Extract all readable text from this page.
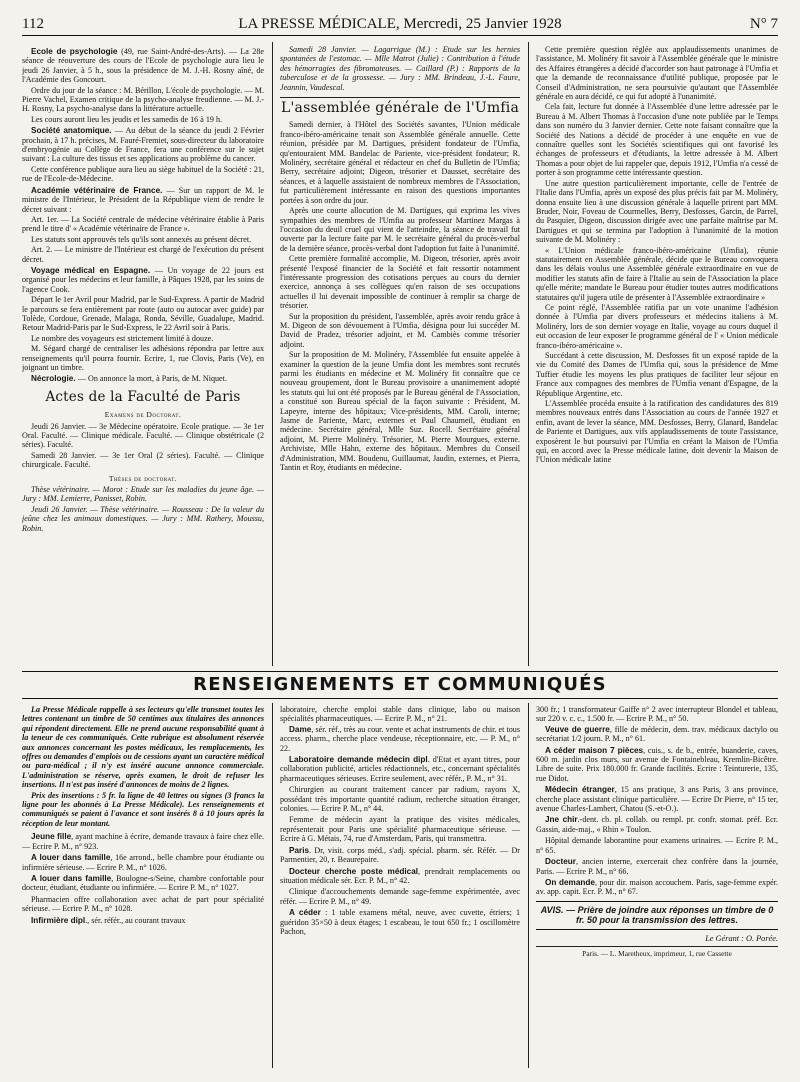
112	LA PRESSE MÉDICALE, Mercredi, 25 Janvier 1928	N° 7

Ecole de psychologie (49, rue Saint-André-des-Arts). — La 28e séance de réouverture des cours de l'Ecole de psychologie aura lieu le jeudi 26 Janvier, à 5 h., sous la présidence de M. J.-H. Rosny aîné, de l'Académie des Goncourt.

Ordre du jour de la séance : M. Bérillon, L'école de psychologie. — M. Pierre Vachel, Examen critique de la psycho-analyse freudienne. — M. J.-H. Rosny, La psycho-analyse dans la littérature actuelle.

Les cours auront lieu les jeudis et les samedis de 16 à 19 h.

Société anatomique. — Au début de la séance du jeudi 2 Février prochain, à 17 h. précises, M. Fauré-Fremiet, sous-directeur du laboratoire d'embryogénie au Collège de France, fera une conférence sur le sujet suivant : La culture des tissus et ses applications au problème du cancer.

Cette conférence publique aura lieu au siège habituel de la Société : 21, rue de l'Ecole-de-Médecine.

Académie vétérinaire de France. — Sur un rapport de M. le ministre de l'Intérieur, le Président de la République vient de rendre le décret suivant :

Art. 1er. — La Société centrale de médecine vétérinaire établie à Paris prend le titre d' « Académie vétérinaire de France ».

Les statuts sont approuvés tels qu'ils sont annexés au présent décret.

Art. 2. — Le ministre de l'Intérieur est chargé de l'exécution du présent décret.

Voyage médical en Espagne. — Un voyage de 22 jours est organisé pour les médecins et leur famille, à Pâques 1928, par les soins de l'agence Cook.

Départ le 1er Avril pour Madrid, par le Sud-Express. A partir de Madrid le parcours se fera entièrement par route (auto ou autocar avec guide) par Tolède, Cordoue, Grenade, Malaga, Ronda, Séville, Guadalupe, Madrid. Retour Madrid-Paris par le Sud-Express, le 22 Avril soir à Paris.

Le nombre des voyageurs est strictement limité à douze.

M. Ségard chargé de centraliser les adhésions répondra par lettre aux renseignements qu'il pourra fournir. Ecrire, 1, rue Clovis, Paris (Ve), en joignant un timbre.

Nécrologie. — On annonce la mort, à Paris, de M. Niquet.

Actes de la Faculté de Paris
Examens de Doctorat.

Jeudi 26 Janvier. — 3e Médecine opératoire. Ecole pratique. — 3e 1er Oral. Faculté. — Clinique médicale. Faculté. — Clinique obstétricale (2 séries). Faculté.

Samedi 28 Janvier. — 3e 1er Oral (2 séries). Faculté. — Clinique chirurgicale. Faculté.

Thèses de doctorat.

Thèse vétérinaire. — Morot : Etude sur les maladies du jeune âge. — Jury : MM. Lemierre, Panisset, Robin.

Jeudi 26 Janvier. — Thèse vétérinaire. — Rousseau : De la valeur du jeûne chez les animaux domestiques. — Jury : MM. Rathery, Moussu, Robin.

Samedi 28 Janvier. — Lagarrigue (M.) : Etude sur les hernies spontanées de l'estomac. — Mlle Matrot (Julie) : Contribution à l'étude des hémorragies des fibromateuses. — Caillard (P.) : Rapports de la tuberculose et de la grossesse. — Jury : MM. Brindeau, J.-L. Faure, Jeannin, Vaudescal.

L'assemblée générale de l'Umfia

Samedi dernier, à l'Hôtel des Sociétés savantes, l'Union médicale franco-ibéro-américaine tenait son Assemblée générale annuelle. Cette réunion, présidée par M. Dartigues, président fondateur de l'Umfia, qu'entouraient MM. Bandelac de Pariente, vice-président fondateur; R. Molinéry, secrétaire général et rédacteur en chef du Bulletin de l'Umfia; Berry, secrétaire adjoint; Digeon, trésorier et Dausset, secrétaire des séances, et à laquelle assistaient de nombreux membres de l'Association, fut particulièrement intéressante en raison des questions importantes portées à son ordre du jour.

Après une courte allocution de M. Dartigues, qui exprima les vives sympathies des membres de l'Umfia au professeur Martinez Margas à l'occasion du deuil cruel qui vient de l'atteindre, la séance de travail fut ouverte par la lecture faite par M. le secrétaire général du procès-verbal de la dernière séance, procès-verbal dont l'adoption fut faite à l'unanimité.

Cette première formalité accomplie, M. Digeon, trésorier, après avoir présenté l'exposé financier de la Société et fait ressortir notamment l'intéressante progression des cotisations perçues au cours du dernier exercice, annonça à ses collègues qu'en raison de ses occupations actuelles il lui devenait impossible de continuer à remplir sa charge de trésorier.

Sur la proposition du président, l'assemblée, après avoir rendu grâce à M. Digeon de son dévouement à l'Umfia, désigna pour lui succéder M. David de Pradez, trésorier adjoint, et M. Cambiès comme trésorier adjoint.

Sur la proposition de M. Molinéry, l'Assemblée fut ensuite appelée à examiner la question de la jeune Umfia dont les membres sont recrutés parmi les étudiants en médecine et M. Molinéry fit connaître que ce nouveau groupement, dont le Bureau provisoire a unanimement adopté les statuts qui lui ont été proposés par le Bureau général de l'Association, a constitué son Bureau spécial de la façon suivante : Président, M. Lapeyre, interne des hôpitaux; Vice-présidents, MM. Caroli, interne; Jasme de Pariente, Marc, externes et Paul Chaumeil, étudiant en médecine. Secrétaire général, Mlle Suz. Rocell. Secrétaire général adjoint, M. Pierre Molinéry. Trésorier, M. Pierre Mourgues, externe. Archiviste, Mlle Hahn, externe des hôpitaux. Membres du Conseil d'Administration, MM. Boudenu, Guillaumat, Jaudin, externes, et Pierra, Tantin et Roy, étudiants en médecine.

Cette première question réglée aux applaudissements unanimes de l'assistance, M. Molinéry fit savoir à l'Assemblée générale que le ministre des Affaires étrangères a décidé d'accorder son haut patronage à l'Umfia et que la demande de reconnaissance d'utilité publique, proposée par le Conseil d'Administration, ne sera poursuivie qu'autant que l'Assemblée générale en aura décidé, ce qui fut adopté à l'unanimité.

Cela fait, lecture fut donnée à l'Assemblée d'une lettre adressée par le Bureau à M. Albert Thomas à l'occasion d'une note publiée par le Temps dans son numéro du 3 Janvier dernier. Cette note faisant connaître que la Société des Nations a décidé de procéder à une enquête en vue de connaître quelles sont les Sociétés scientifiques qui ont favorisé les échanges de professeurs et d'étudiants, la lettre adressée à M. Albert Thomas a pour objet de lui rappeler que, depuis 1912, l'Umfia n'a cessé de porter à son programme cette intéressante question.

Une autre question particulièrement importante, celle de l'entrée de l'Italie dans l'Umfia, après un exposé des plus précis fait par M. Molinéry, donna ensuite lieu à une discussion générale à laquelle prirent part MM. Bruder, Noir, Foveau de Courmelles, Berry, Desfosses, Garcin, de Parrel, du Pasquier, Digeon, discussion dirigée avec une parfaite maîtrise par M. Dartigues et qui se termina par l'adoption à l'unanimité de la motion suivante de M. Molinéry :

« L'Union médicale franco-ibéro-américaine (Umfia), réunie statutairement en Assemblée générale, décide que le Bureau convoquera dans les délais voulus une Assemblée générale extraordinaire en vue de modifier les statuts afin de faire à l'Italie au sein de l'Association la place qu'elle mérite; mandate le Bureau pour étudier toutes autres modifications statutaires qu'il jugera utile de présenter à l'Assemblée extraordinaire »

Ce point réglé, l'Assemblée ratifia par un vote unanime l'adhésion donnée à l'Umfia par divers professeurs et médecins italiens à M. Molinéry, lors de son dernier voyage en Italie, voyage au cours duquel il eut occasion de leur exposer le programme général de l' « Union médicale franco-ibéro-américaine ».

Succédant à cette discussion, M. Desfosses fit un exposé rapide de la vie du Comité des Dames de l'Umfia qui, sous la présidence de Mme Tuffier étudie les moyens les plus pratiques de faciliter leur séjour en France aux compagnes des membres de l'Umfia venant d'Espagne, de la République Argentine, etc.

L'Assemblée procéda ensuite à la ratification des candidatures des 819 membres nouveaux entrés dans l'Association au cours de l'année 1927 et enfin, avant de lever la séance, MM. Desfosses, Berry, Glanard, Bandelac de Pariente et Dartigues, aux vifs applaudissements de toute l'assistance, exposèrent le but poursuivi par l'Umfia en créant la Maison de l'Umfia qui, en accord avec la Presse médicale latine, doit devenir la Maison de l'Union médicale latine

RENSEIGNEMENTS ET COMMUNIQUÉS

La Presse Médicale rappelle à ses lecteurs qu'elle transmet toutes les lettres contenant un timbre de 50 centimes aux titulaires des annonces qui répondent directement. Elle ne prend aucune responsabilité quant à la teneur de ces communiqués. Cette rubrique est absolument réservée aux annonces concernant les postes médicaux, les remplacements, les offres ou demandes d'emplois ou de cessions ayant un caractère médical ou para-médical ; il n'y est inséré aucune annonce commerciale. L'administration se réserve, après examen, le droit de refuser les insertions. Il n'est pas inséré d'annonces de moins de 2 lignes.

Prix des insertions : 5 fr. la ligne de 40 lettres ou signes (3 francs la ligne pour les abonnés à La Presse Médicale). Les renseignements et communiqués se paient à l'avance et sont insérés 8 à 10 jours après la réception de leur montant.

Jeune fille, ayant machine à écrire, demande travaux à faire chez elle. — Ecrire P. M., n° 923.

A louer dans famille, 16e arrond., belle chambre pour étudiante ou infirmière sérieuse. — Ecrire P. M., n° 1026.

A louer dans famille, Boulogne-s/Seine, chambre confortable pour docteur, étudiant, étudiante ou infirmière. — Ecrire P. M., n° 1027.

Pharmacien offre collaboration avec achat de part pour spécialité sérieuse. — Ecrire P. M., n° 1028.

Infirmière dipl., sér. référ., au courant travaux

laboratoire, cherche emploi stable dans clinique, labo ou maison spécialités pharmaceutiques. — Ecrire P. M., n° 21.

Dame, sér. réf., très au cour. vente et achat instruments de chir. et tous access. pharm., cherche place vendeuse, réceptionnaire, etc. — P. M., n° 22.

Laboratoire demande médecin dipl. d'Etat et ayant titres, pour collaboration publicité, articles rédactionnels, etc., concernant spécialités pharmaceutiques sérieuses. Ecrire seulement, avec référ., P. M., n° 31.

Chirurgien au courant traitement cancer par radium, rayons X, possédant très importante quantité radium, recherche situation étranger, colonies. — Ecrire P. M., n° 44.

Femme de médecin ayant la pratique des visites médicales, représenterait pour Paris une spécialité pharmaceutique sérieuse. — Ecrire à G. Métais, 74, rue d'Amsterdam, Paris, qui transmettra.

Paris. Dr, visit. corps méd., s'adj. spécial. pharm. sér. Référ. — Dr Parmentier, 20, r. Beaurepaire.

Docteur cherche poste médical, prendrait remplacements ou situation médicale sér. Ecr. P. M., n° 42.

Clinique d'accouchements demande sage-femme expérimentée, avec référ. — Ecrire P. M., n° 49.

A céder : 1 table examens métal, neuve, avec cuvette, étriers; 1 guéridon 35×50 à deux étages; 1 escabeau, le tout 650 fr.; 1 oscillomètre Pachon,

300 fr.; 1 transformateur Gaiffe n° 2 avec interrupteur Blondel et tableau, sur 220 v. c. c., 1.500 fr. — Ecrire P. M., n° 50.

Veuve de guerre, fille de médecin, dem. trav. médicaux dactylo ou secrétariat 1/2 journ. P. M., n° 61.

A céder maison 7 pièces, cuis., s. de b., entrée, buanderie, caves, 600 m. jardin clos murs, sur avenue de Fontainebleau, Kremlin-Bicêtre. Libre de suite. Prix 180.000 fr. Grande facilités. Ecrire : Teinturerie, 135, rue Didot.

Médecin étranger, 15 ans pratique, 3 ans Paris, 3 ans province, cherche place assistant clinique particulière. — Ecrire Dr Pierre, n° 15 ter, avenue Charles-Lambert, Chatou (S.-et-O.).

Jne chir.-dent. cb. pl. collab. ou rempl. pr. confr. stomat. préf. Ecr. Gassin, aide-maj., « Rhin » Toulon.

Hôpital demande laborantine pour examens urinaires. — Ecrire P. M., n° 65.

Docteur, ancien interne, exercerait chez confrère dans la journée, Paris. — Ecrire P. M., n° 66.

On demande, pour dir. maison accouchem. Paris, sage-femme expér. av. app. capit. Ecr. P. M., n° 67.

AVIS. — Prière de joindre aux réponses un timbre de 0 fr. 50 pour la transmission des lettres.
Le Gérant : O. Porée.
Paris. — L. Maretheux, imprimeur, 1, rue Cassette
